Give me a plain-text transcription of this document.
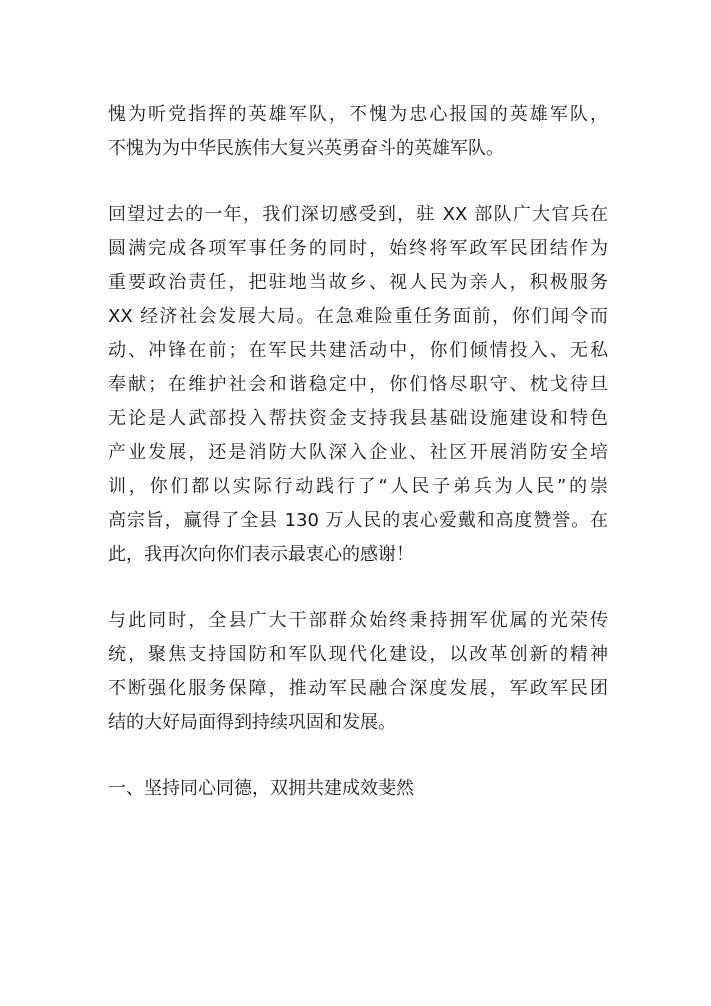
愧为听党指挥的英雄军队，不愧为忠心报国的英雄军队，
不愧为为中华民族伟大复兴英勇奋斗的英雄军队。

回望过去的一年，我们深切感受到，驻 XX 部队广大官兵在
圆满完成各项军事任务的同时，始终将军政军民团结作为
重要政治责任，把驻地当故乡、视人民为亲人，积极服务
XX 经济社会发展大局。在急难险重任务面前，你们闻令而
动、冲锋在前；在军民共建活动中，你们倾情投入、无私
奉献；在维护社会和谐稳定中，你们恪尽职守、枕戈待旦
无论是人武部投入帮扶资金支持我县基础设施建设和特色
产业发展，还是消防大队深入企业、社区开展消防安全培
训，你们都以实际行动践行了“人民子弟兵为人民”的崇
高宗旨，赢得了全县 130 万人民的衷心爱戴和高度赞誉。在
此，我再次向你们表示最衷心的感谢！

与此同时，全县广大干部群众始终秉持拥军优属的光荣传
统，聚焦支持国防和军队现代化建设，以改革创新的精神
不断强化服务保障，推动军民融合深度发展，军政军民团
结的大好局面得到持续巩固和发展。

一、坚持同心同德，双拥共建成效斐然
